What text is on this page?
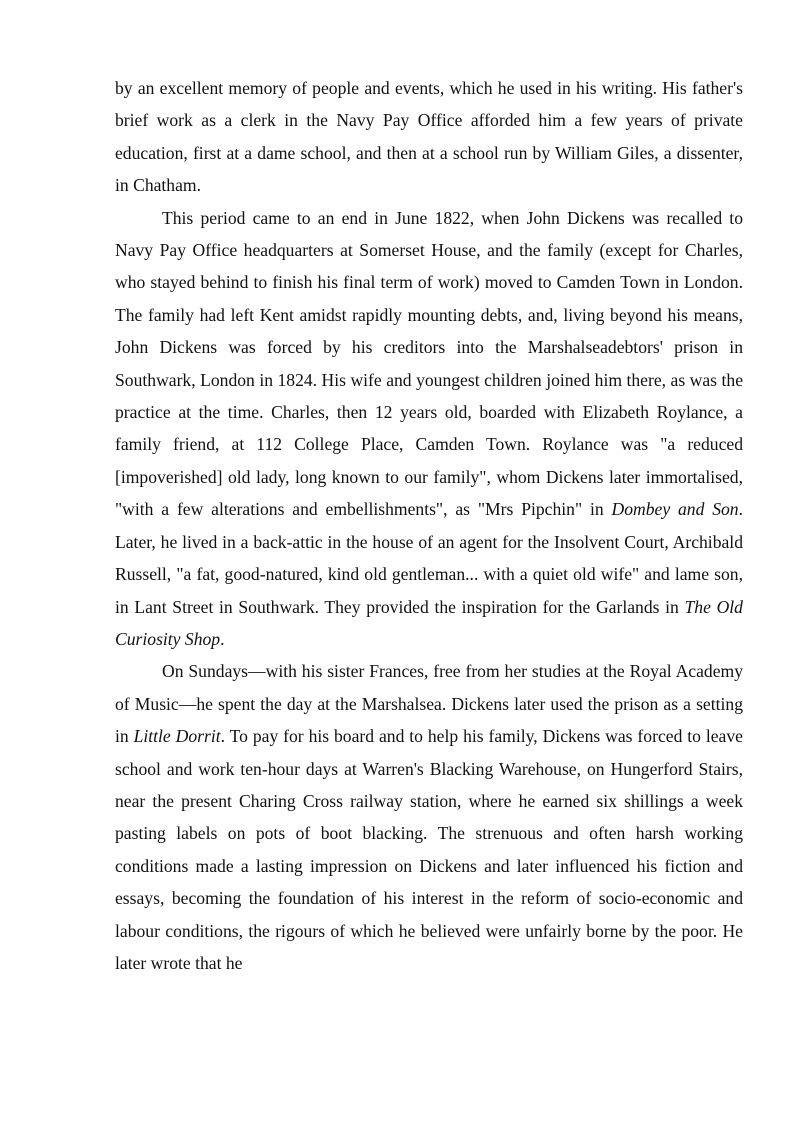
by an excellent memory of people and events, which he used in his writing. His father's brief work as a clerk in the Navy Pay Office afforded him a few years of private education, first at a dame school, and then at a school run by William Giles, a dissenter, in Chatham.

This period came to an end in June 1822, when John Dickens was recalled to Navy Pay Office headquarters at Somerset House, and the family (except for Charles, who stayed behind to finish his final term of work) moved to Camden Town in London. The family had left Kent amidst rapidly mounting debts, and, living beyond his means, John Dickens was forced by his creditors into the Marshalseadebtors' prison in Southwark, London in 1824. His wife and youngest children joined him there, as was the practice at the time. Charles, then 12 years old, boarded with Elizabeth Roylance, a family friend, at 112 College Place, Camden Town. Roylance was "a reduced [impoverished] old lady, long known to our family", whom Dickens later immortalised, "with a few alterations and embellishments", as "Mrs Pipchin" in Dombey and Son. Later, he lived in a back-attic in the house of an agent for the Insolvent Court, Archibald Russell, "a fat, good-natured, kind old gentleman... with a quiet old wife" and lame son, in Lant Street in Southwark. They provided the inspiration for the Garlands in The Old Curiosity Shop.

On Sundays—with his sister Frances, free from her studies at the Royal Academy of Music—he spent the day at the Marshalsea. Dickens later used the prison as a setting in Little Dorrit. To pay for his board and to help his family, Dickens was forced to leave school and work ten-hour days at Warren's Blacking Warehouse, on Hungerford Stairs, near the present Charing Cross railway station, where he earned six shillings a week pasting labels on pots of boot blacking. The strenuous and often harsh working conditions made a lasting impression on Dickens and later influenced his fiction and essays, becoming the foundation of his interest in the reform of socio-economic and labour conditions, the rigours of which he believed were unfairly borne by the poor. He later wrote that he
